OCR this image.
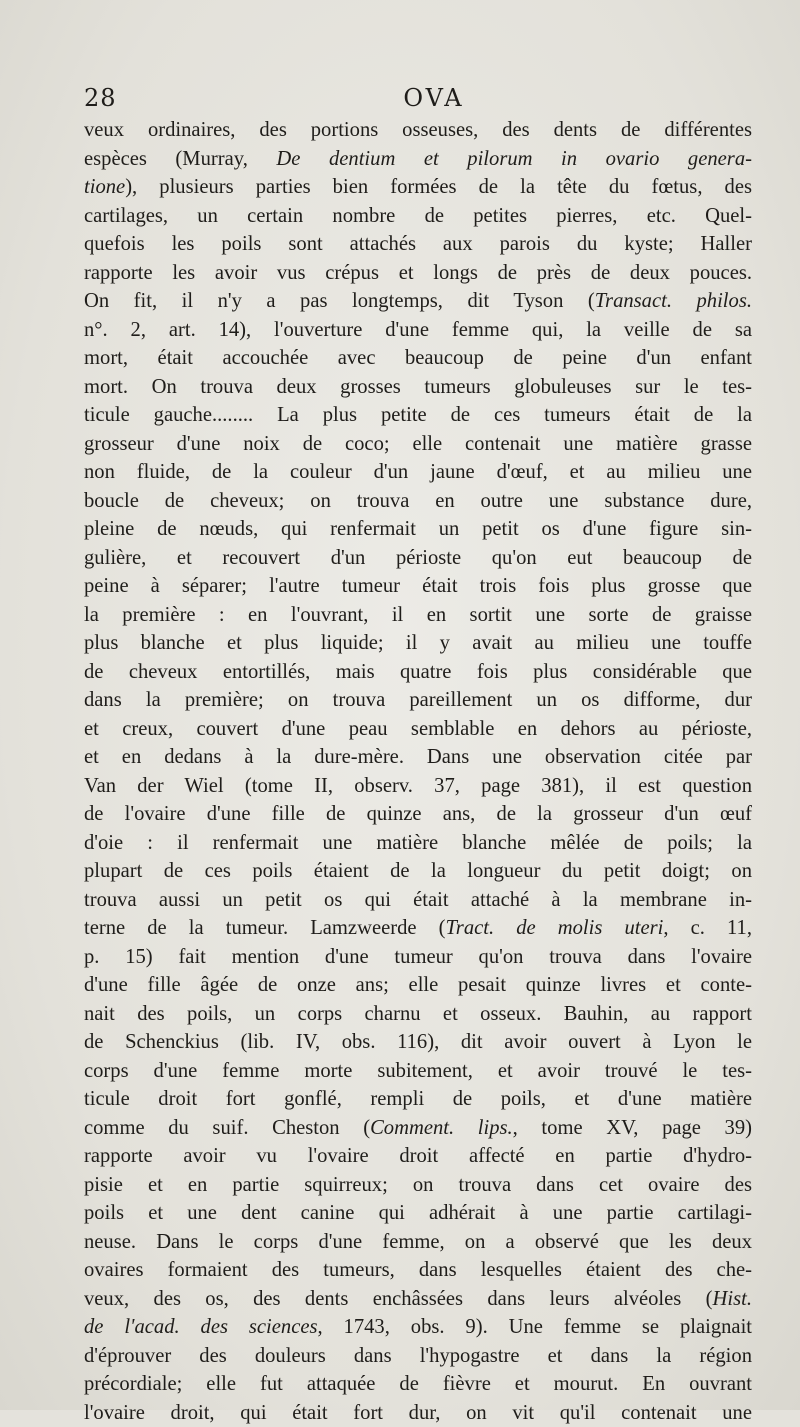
28	OVA
veux ordinaires, des portions osseuses, des dents de différentes
espèces (Murray, De dentium et pilorum in ovario genera-
tione), plusieurs parties bien formées de la tête du fœtus, des
cartilages, un certain nombre de petites pierres, etc. Quel-
quefois les poils sont attachés aux parois du kyste; Haller
rapporte les avoir vus crépus et longs de près de deux pouces.
On fit, il n'y a pas longtemps, dit Tyson (Transact. philos.
n°. 2, art. 14), l'ouverture d'une femme qui, la veille de sa
mort, était accouchée avec beaucoup de peine d'un enfant
mort. On trouva deux grosses tumeurs globuleuses sur le tes-
ticule gauche........ La plus petite de ces tumeurs était de la
grosseur d'une noix de coco; elle contenait une matière grasse
non fluide, de la couleur d'un jaune d'œuf, et au milieu une
boucle de cheveux; on trouva en outre une substance dure,
pleine de nœuds, qui renfermait un petit os d'une figure sin-
gulière, et recouvert d'un périoste qu'on eut beaucoup de
peine à séparer; l'autre tumeur était trois fois plus grosse que
la première : en l'ouvrant, il en sortit une sorte de graisse
plus blanche et plus liquide; il y avait au milieu une touffe
de cheveux entortillés, mais quatre fois plus considérable que
dans la première; on trouva pareillement un os difforme, dur
et creux, couvert d'une peau semblable en dehors au périoste,
et en dedans à la dure-mère. Dans une observation citée par
Van der Wiel (tome II, observ. 37, page 381), il est question
de l'ovaire d'une fille de quinze ans, de la grosseur d'un œuf
d'oie : il renfermait une matière blanche mêlée de poils; la
plupart de ces poils étaient de la longueur du petit doigt; on
trouva aussi un petit os qui était attaché à la membrane in-
terne de la tumeur. Lamzweerde (Tract. de molis uteri, c. 11,
p. 15) fait mention d'une tumeur qu'on trouva dans l'ovaire
d'une fille âgée de onze ans; elle pesait quinze livres et conte-
nait des poils, un corps charnu et osseux. Bauhin, au rapport
de Schenckius (lib. IV, obs. 116), dit avoir ouvert à Lyon le
corps d'une femme morte subitement, et avoir trouvé le tes-
ticule droit fort gonflé, rempli de poils, et d'une matière
comme du suif. Cheston (Comment. lips., tome XV, page 39)
rapporte avoir vu l'ovaire droit affecté en partie d'hydro-
pisie et en partie squirreux; on trouva dans cet ovaire des
poils et une dent canine qui adhérait à une partie cartilagi-
neuse. Dans le corps d'une femme, on a observé que les deux
ovaires formaient des tumeurs, dans lesquelles étaient des che-
veux, des os, des dents enchâssées dans leurs alvéoles (Hist.
de l'acad. des sciences, 1743, obs. 9). Une femme se plaignait
d'éprouver des douleurs dans l'hypogastre et dans la région
précordiale; elle fut attaquée de fièvre et mourut. En ouvrant
l'ovaire droit, qui était fort dur, on vit qu'il contenait une
